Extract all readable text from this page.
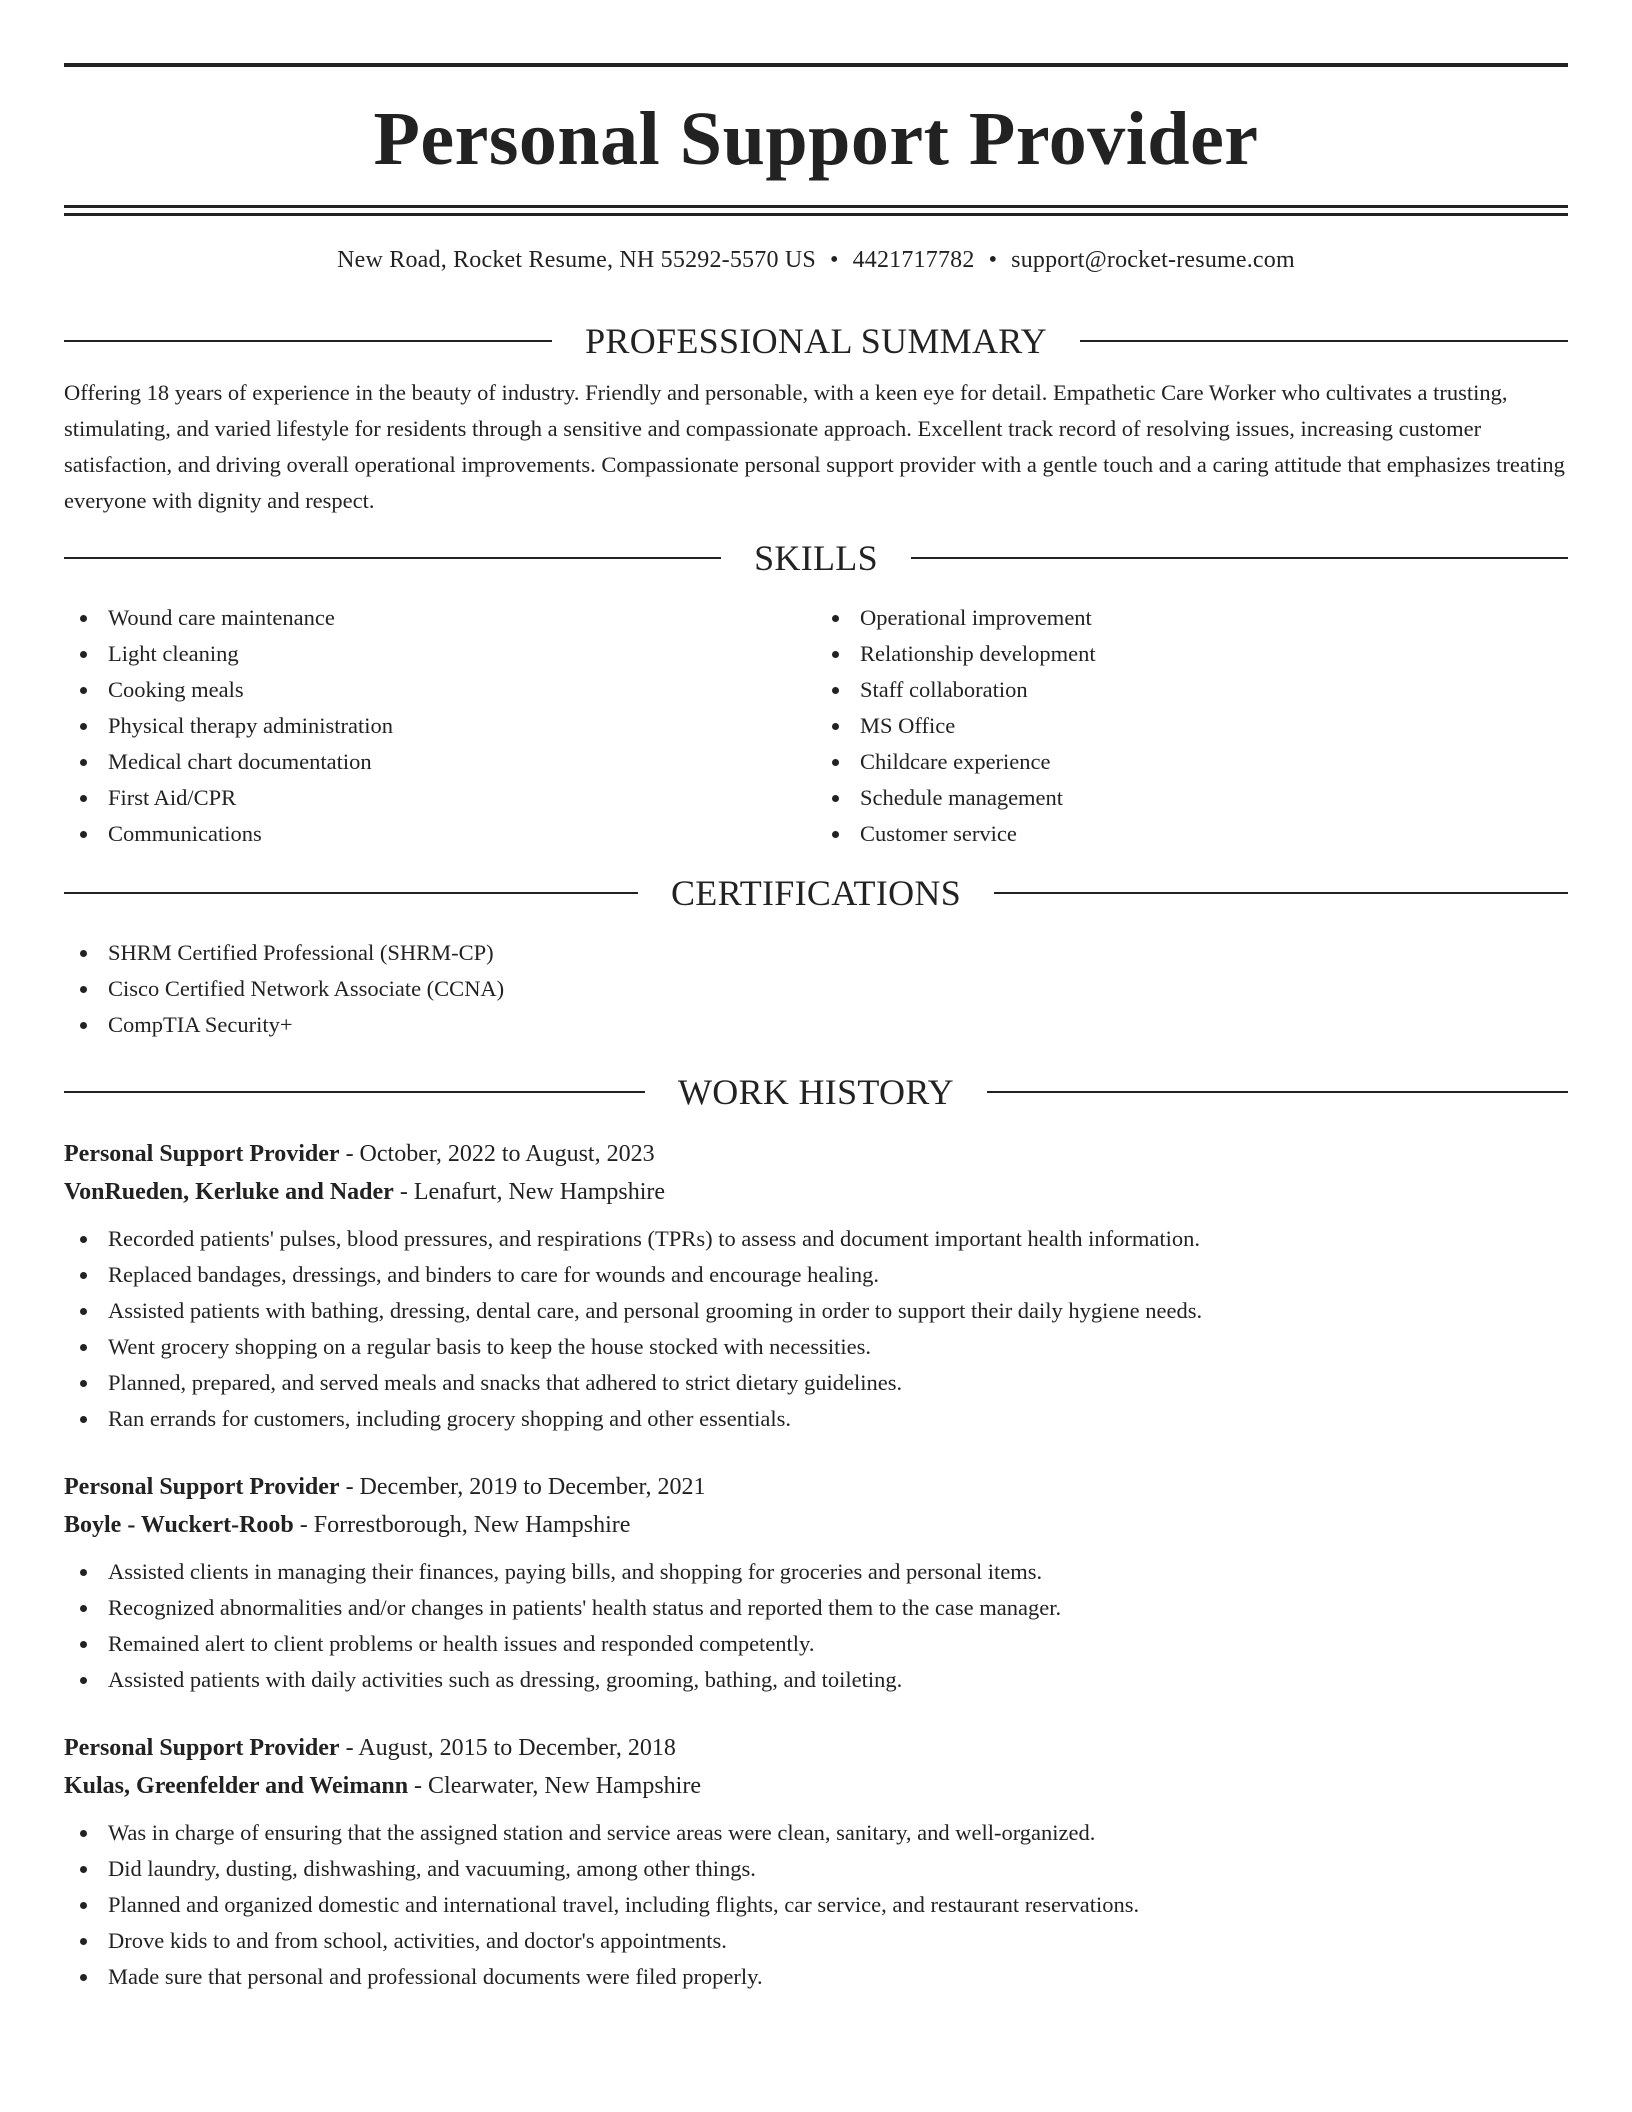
Personal Support Provider
New Road, Rocket Resume, NH 55292-5570 US • 4421717782 • support@rocket-resume.com
PROFESSIONAL SUMMARY

Offering 18 years of experience in the beauty of industry. Friendly and personable, with a keen eye for detail. Empathetic Care Worker who cultivates a trusting, stimulating, and varied lifestyle for residents through a sensitive and compassionate approach. Excellent track record of resolving issues, increasing customer satisfaction, and driving overall operational improvements. Compassionate personal support provider with a gentle touch and a caring attitude that emphasizes treating everyone with dignity and respect.

SKILLS
Wound care maintenance
Light cleaning
Cooking meals
Physical therapy administration
Medical chart documentation
First Aid/CPR
Communications
Operational improvement
Relationship development
Staff collaboration
MS Office
Childcare experience
Schedule management
Customer service
CERTIFICATIONS
SHRM Certified Professional (SHRM-CP)
Cisco Certified Network Associate (CCNA)
CompTIA Security+
WORK HISTORY
Personal Support Provider - October, 2022 to August, 2023
VonRueden, Kerluke and Nader - Lenafurt, New Hampshire
Recorded patients' pulses, blood pressures, and respirations (TPRs) to assess and document important health information.
Replaced bandages, dressings, and binders to care for wounds and encourage healing.
Assisted patients with bathing, dressing, dental care, and personal grooming in order to support their daily hygiene needs.
Went grocery shopping on a regular basis to keep the house stocked with necessities.
Planned, prepared, and served meals and snacks that adhered to strict dietary guidelines.
Ran errands for customers, including grocery shopping and other essentials.
Personal Support Provider - December, 2019 to December, 2021
Boyle - Wuckert-Roob - Forrestborough, New Hampshire
Assisted clients in managing their finances, paying bills, and shopping for groceries and personal items.
Recognized abnormalities and/or changes in patients' health status and reported them to the case manager.
Remained alert to client problems or health issues and responded competently.
Assisted patients with daily activities such as dressing, grooming, bathing, and toileting.
Personal Support Provider - August, 2015 to December, 2018
Kulas, Greenfelder and Weimann - Clearwater, New Hampshire
Was in charge of ensuring that the assigned station and service areas were clean, sanitary, and well-organized.
Did laundry, dusting, dishwashing, and vacuuming, among other things.
Planned and organized domestic and international travel, including flights, car service, and restaurant reservations.
Drove kids to and from school, activities, and doctor's appointments.
Made sure that personal and professional documents were filed properly.
